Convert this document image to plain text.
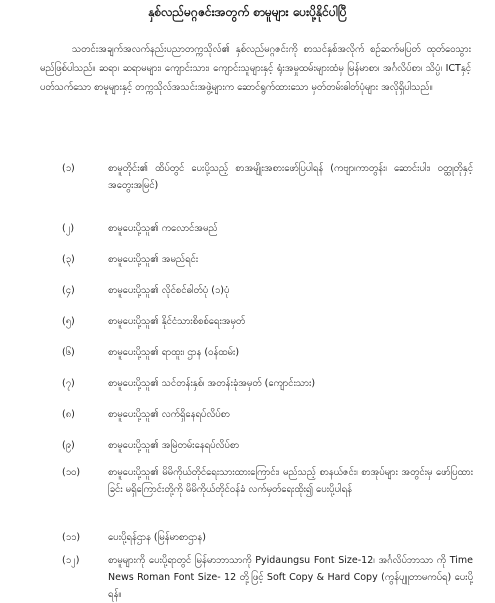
နှစ်လည်မဂ္ဂဇင်းအတွက် စာမူများ ပေးပို့နိုင်ပါပြီ

သတင်းအချက်အလက်နည်းပညာတက္ကသိုလ်၏ နှစ်လည်မဂ္ဂဇင်းကို စာသင်နှစ်အလိုက် စဉ်ဆက်မပြတ် ထုတ်ဝေသွားမည်ဖြစ်ပါသည်။ ဆရာ၊ ဆရာမများ၊ ကျောင်းသား၊ ကျောင်းသူများနှင့် ရုံးအမှုထမ်းများထံမှ မြန်မာစာ၊ အင်္ဂလိပ်စာ၊ သိပ္ပံ၊ ICTနှင့်ပတ်သက်သော စာမူများနှင့် တက္ကသိုလ်အသင်းအဖွဲ့များက ဆောင်ရွက်ထားသော မှတ်တမ်းဓါတ်ပုံများ အလိုရှိပါသည်။

(၁)	စာမူတိုင်း၏ ထိပ်တွင် ပေးပို့သည့် စာအမျိုးအစားဖော်ပြပါရန် (ကဗျာ၊ကာတွန်း၊ ဆောင်းပါး၊ ဝတ္ထုတိုနှင့်အတွေးအမြင်)
(၂)	စာမူပေးပို့သူ၏ ကလောင်အမည်
(၃)	စာမူပေးပို့သူ၏ အမည်ရင်း
(၄)	စာမူပေးပို့သူ၏ လိုင်စင်ဓါတ်ပုံ (၁)ပုံ
(၅)	စာမူပေးပို့သူ၏ နိုင်ငံသားစိစစ်ရေးအမှတ်
(၆)	စာမူပေးပို့သူ၏ ရာထူး၊ ဌာန (ဝန်ထမ်း)
(၇)	စာမူပေးပို့သူ၏ သင်တန်းနှစ်၊ အတန်းခုံအမှတ် (ကျောင်းသား)
(၈)	စာမူပေးပို့သူ၏ လက်ရှိနေရပ်လိပ်စာ
(၉)	စာမူပေးပို့သူ၏ အမြဲတမ်းနေရပ်လိပ်စာ
(၁၀)	စာမူပေးပို့သူ၏ မိမိကိုယ်တိုင်ရေးသားထားကြောင်း၊ မည်သည့် စာနယ်ဇင်း၊ စာအုပ်များ အတွင်းမှ ဖော်ပြထားခြင်း မရှိကြောင်းတို့ကို မိမိကိုယ်တိုင်ဝန်ခံ လက်မှတ်ရေးထိုး၍ ပေးပို့ပါရန်
(၁၁)	ပေးပို့ရန်ဌာန (မြန်မာစာဌာန)
(၁၂)	စာမူများကို ပေးပို့ရာတွင် မြန်မာဘာသာကို Pyidaungsu Font Size-12၊ အင်္ဂလိပ်ဘာသာ ကို Time News Roman Font Size- 12 တို့ဖြင့် Soft Copy & Hard Copy (ကွန်ပျူတာမကပ်ရ) ပေးပို့ရန်။
